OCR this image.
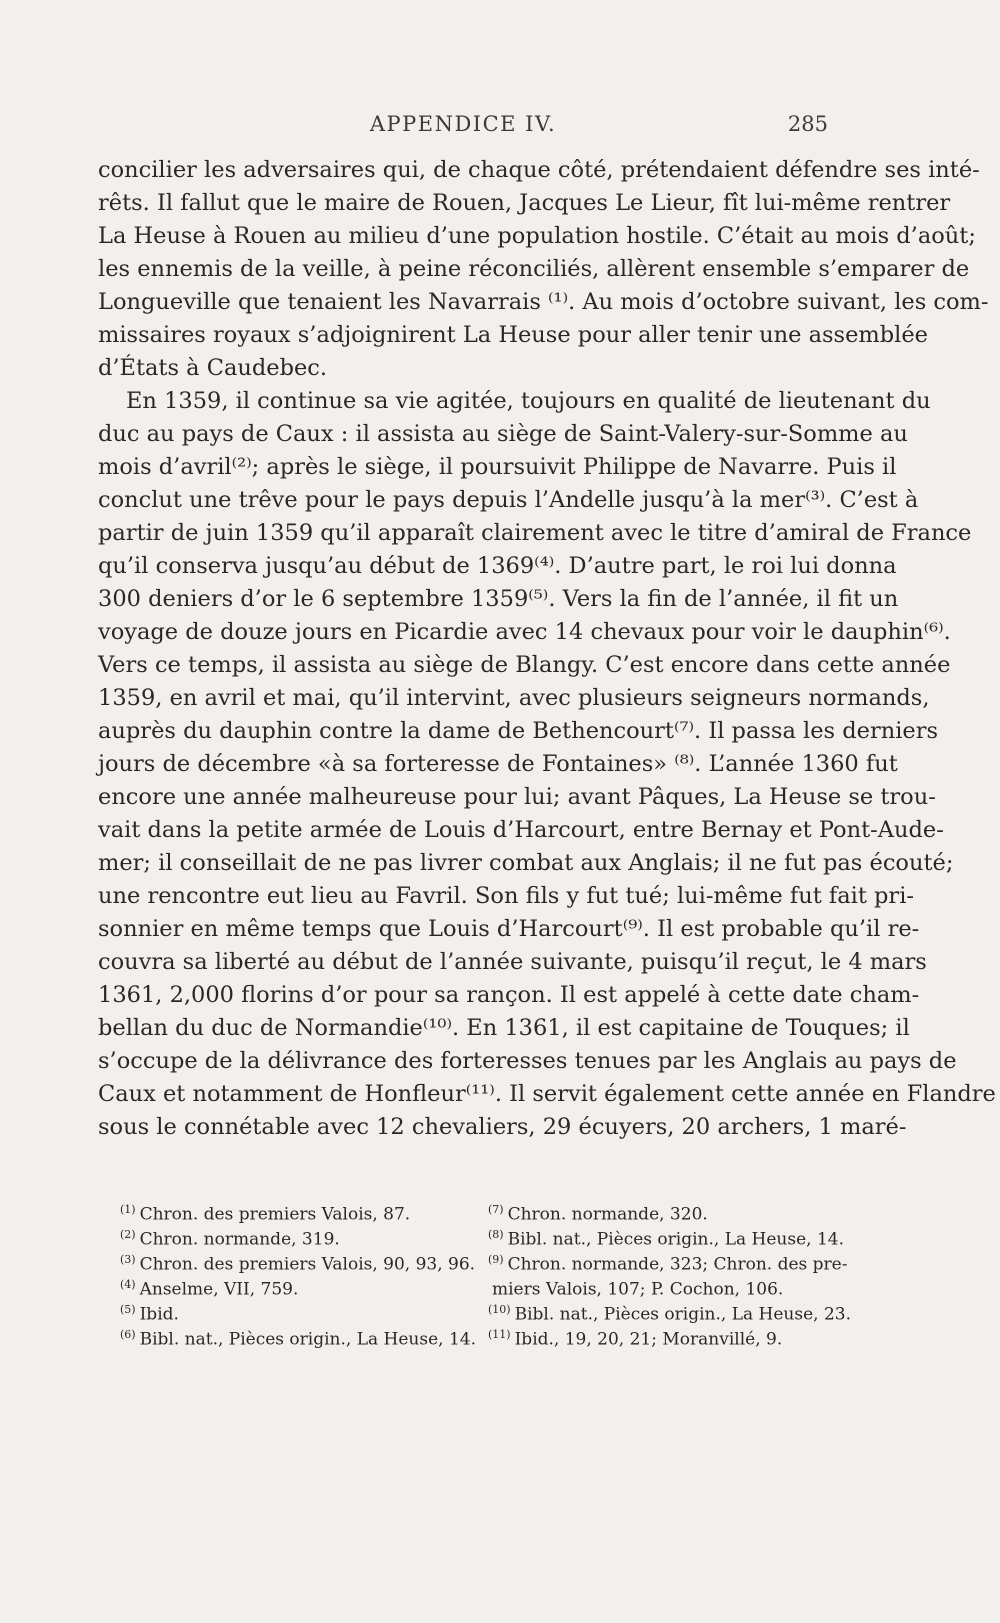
APPENDICE IV.	285
concilier les adversaires qui, de chaque côté, prétendaient défendre ses inté-
rêts. Il fallut que le maire de Rouen, Jacques Le Lieur, fît lui-même rentrer
La Heuse à Rouen au milieu d’une population hostile. C’était au mois d’août;
les ennemis de la veille, à peine réconciliés, allèrent ensemble s’emparer de
Longueville que tenaient les Navarrais ⁽¹⁾. Au mois d’octobre suivant, les com-
missaires royaux s’adjoignirent La Heuse pour aller tenir une assemblée
d’États à Caudebec.
En 1359, il continue sa vie agitée, toujours en qualité de lieutenant du
duc au pays de Caux : il assista au siège de Saint-Valery-sur-Somme au
mois d’avril⁽²⁾; après le siège, il poursuivit Philippe de Navarre. Puis il
conclut une trêve pour le pays depuis l’Andelle jusqu’à la mer⁽³⁾. C’est à
partir de juin 1359 qu’il apparaît clairement avec le titre d’amiral de France
qu’il conserva jusqu’au début de 1369⁽⁴⁾. D’autre part, le roi lui donna
300 deniers d’or le 6 septembre 1359⁽⁵⁾. Vers la fin de l’année, il fit un
voyage de douze jours en Picardie avec 14 chevaux pour voir le dauphin⁽⁶⁾.
Vers ce temps, il assista au siège de Blangy. C’est encore dans cette année
1359, en avril et mai, qu’il intervint, avec plusieurs seigneurs normands,
auprès du dauphin contre la dame de Bethencourt⁽⁷⁾. Il passa les derniers
jours de décembre «à sa forteresse de Fontaines» ⁽⁸⁾. L’année 1360 fut
encore une année malheureuse pour lui; avant Pâques, La Heuse se trou-
vait dans la petite armée de Louis d’Harcourt, entre Bernay et Pont-Aude-
mer; il conseillait de ne pas livrer combat aux Anglais; il ne fut pas écouté;
une rencontre eut lieu au Favril. Son fils y fut tué; lui-même fut fait pri-
sonnier en même temps que Louis d’Harcourt⁽⁹⁾. Il est probable qu’il re-
couvra sa liberté au début de l’année suivante, puisqu’il reçut, le 4 mars
1361, 2,000 florins d’or pour sa rançon. Il est appelé à cette date cham-
bellan du duc de Normandie⁽¹⁰⁾. En 1361, il est capitaine de Touques; il
s’occupe de la délivrance des forteresses tenues par les Anglais au pays de
Caux et notamment de Honfleur⁽¹¹⁾. Il servit également cette année en Flandre
sous le connétable avec 12 chevaliers, 29 écuyers, 20 archers, 1 maré-
$^{(1)}$ Chron. des premiers Valois, 87.
$^{(2)}$ Chron. normande, 319.
$^{(3)}$ Chron. des premiers Valois, 90, 93, 96.
$^{(4)}$ Anselme, VII, 759.
$^{(5)}$ Ibid.
$^{(6)}$ Bibl. nat., Pièces origin., La Heuse, 14.
$^{(7)}$ Chron. normande, 320.
$^{(8)}$ Bibl. nat., Pièces origin., La Heuse, 14.
$^{(9)}$ Chron. normande, 323; Chron. des pre-
miers Valois, 107; P. Cochon, 106.
$^{(10)}$ Bibl. nat., Pièces origin., La Heuse, 23.
$^{(11)}$ Ibid., 19, 20, 21; Moranvillé, 9.
